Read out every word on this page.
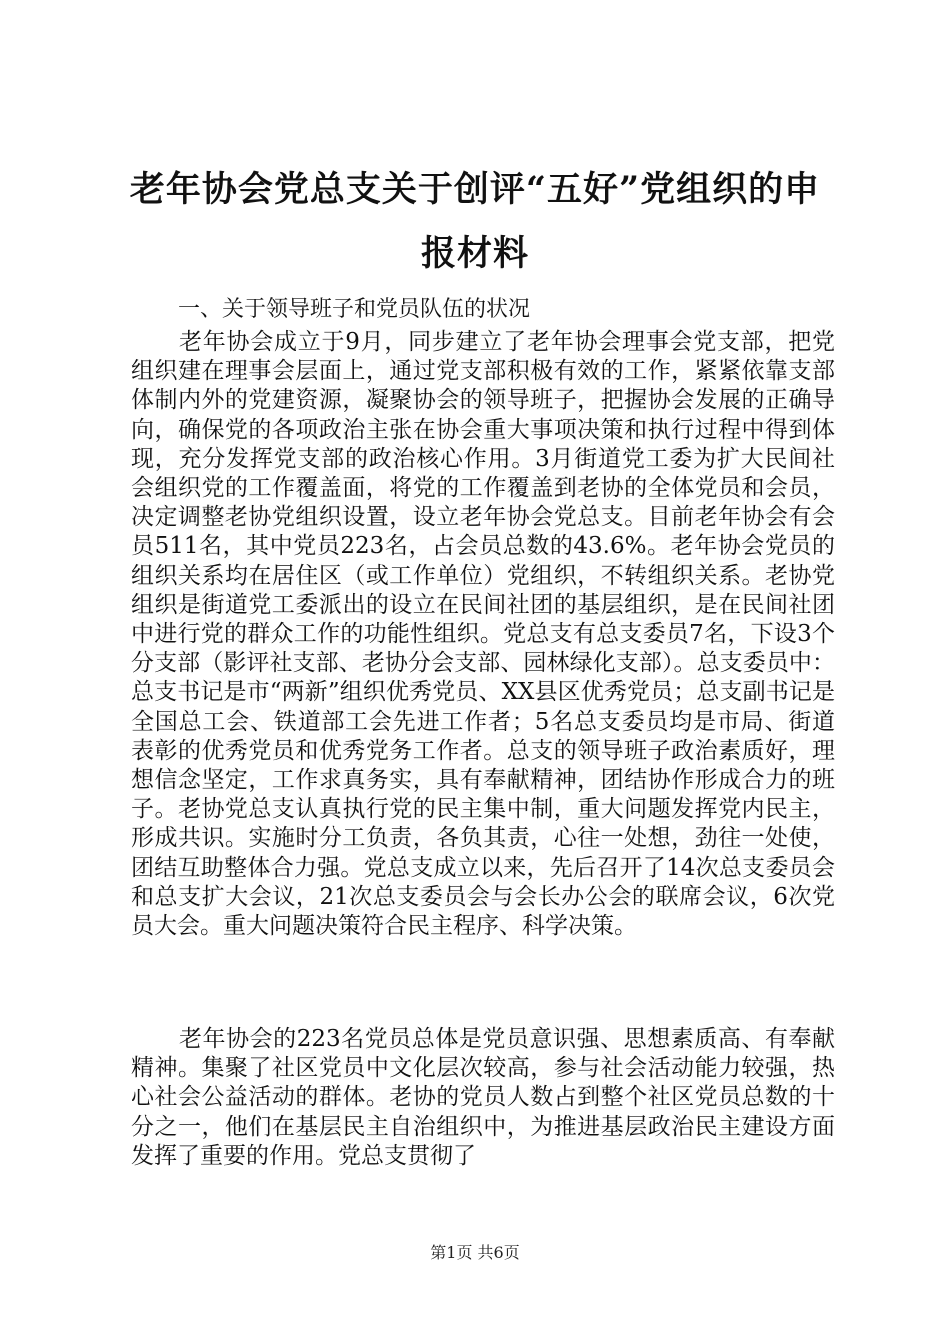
老年协会党总支关于创评“五好”党组织的申报材料

一、关于领导班子和党员队伍的状况

老年协会成立于9月，同步建立了老年协会理事会党支部，把党组织建在理事会层面上，通过党支部积极有效的工作，紧紧依靠支部体制内外的党建资源，凝聚协会的领导班子，把握协会发展的正确导向，确保党的各项政治主张在协会重大事项决策和执行过程中得到体现，充分发挥党支部的政治核心作用。3月街道党工委为扩大民间社会组织党的工作覆盖面，将党的工作覆盖到老协的全体党员和会员，决定调整老协党组织设置，设立老年协会党总支。目前老年协会有会员511名，其中党员223名，占会员总数的43.6%。老年协会党员的组织关系均在居住区（或工作单位）党组织，不转组织关系。老协党组织是街道党工委派出的设立在民间社团的基层组织，是在民间社团中进行党的群众工作的功能性组织。党总支有总支委员7名，下设3个分支部（影评社支部、老协分会支部、园林绿化支部）。总支委员中：总支书记是市“两新”组织优秀党员、XX县区优秀党员；总支副书记是全国总工会、铁道部工会先进工作者；5名总支委员均是市局、街道表彰的优秀党员和优秀党务工作者。总支的领导班子政治素质好，理想信念坚定，工作求真务实，具有奉献精神，团结协作形成合力的班子。老协党总支认真执行党的民主集中制，重大问题发挥党内民主，形成共识。实施时分工负责，各负其责，心往一处想，劲往一处使，团结互助整体合力强。党总支成立以来，先后召开了14次总支委员会和总支扩大会议，21次总支委员会与会长办公会的联席会议，6次党员大会。重大问题决策符合民主程序、科学决策。

老年协会的223名党员总体是党员意识强、思想素质高、有奉献精神。集聚了社区党员中文化层次较高，参与社会活动能力较强，热心社会公益活动的群体。老协的党员人数占到整个社区党员总数的十分之一，他们在基层民主自治组织中，为推进基层政治民主建设方面发挥了重要的作用。党总支贯彻了

第1页 共6页
